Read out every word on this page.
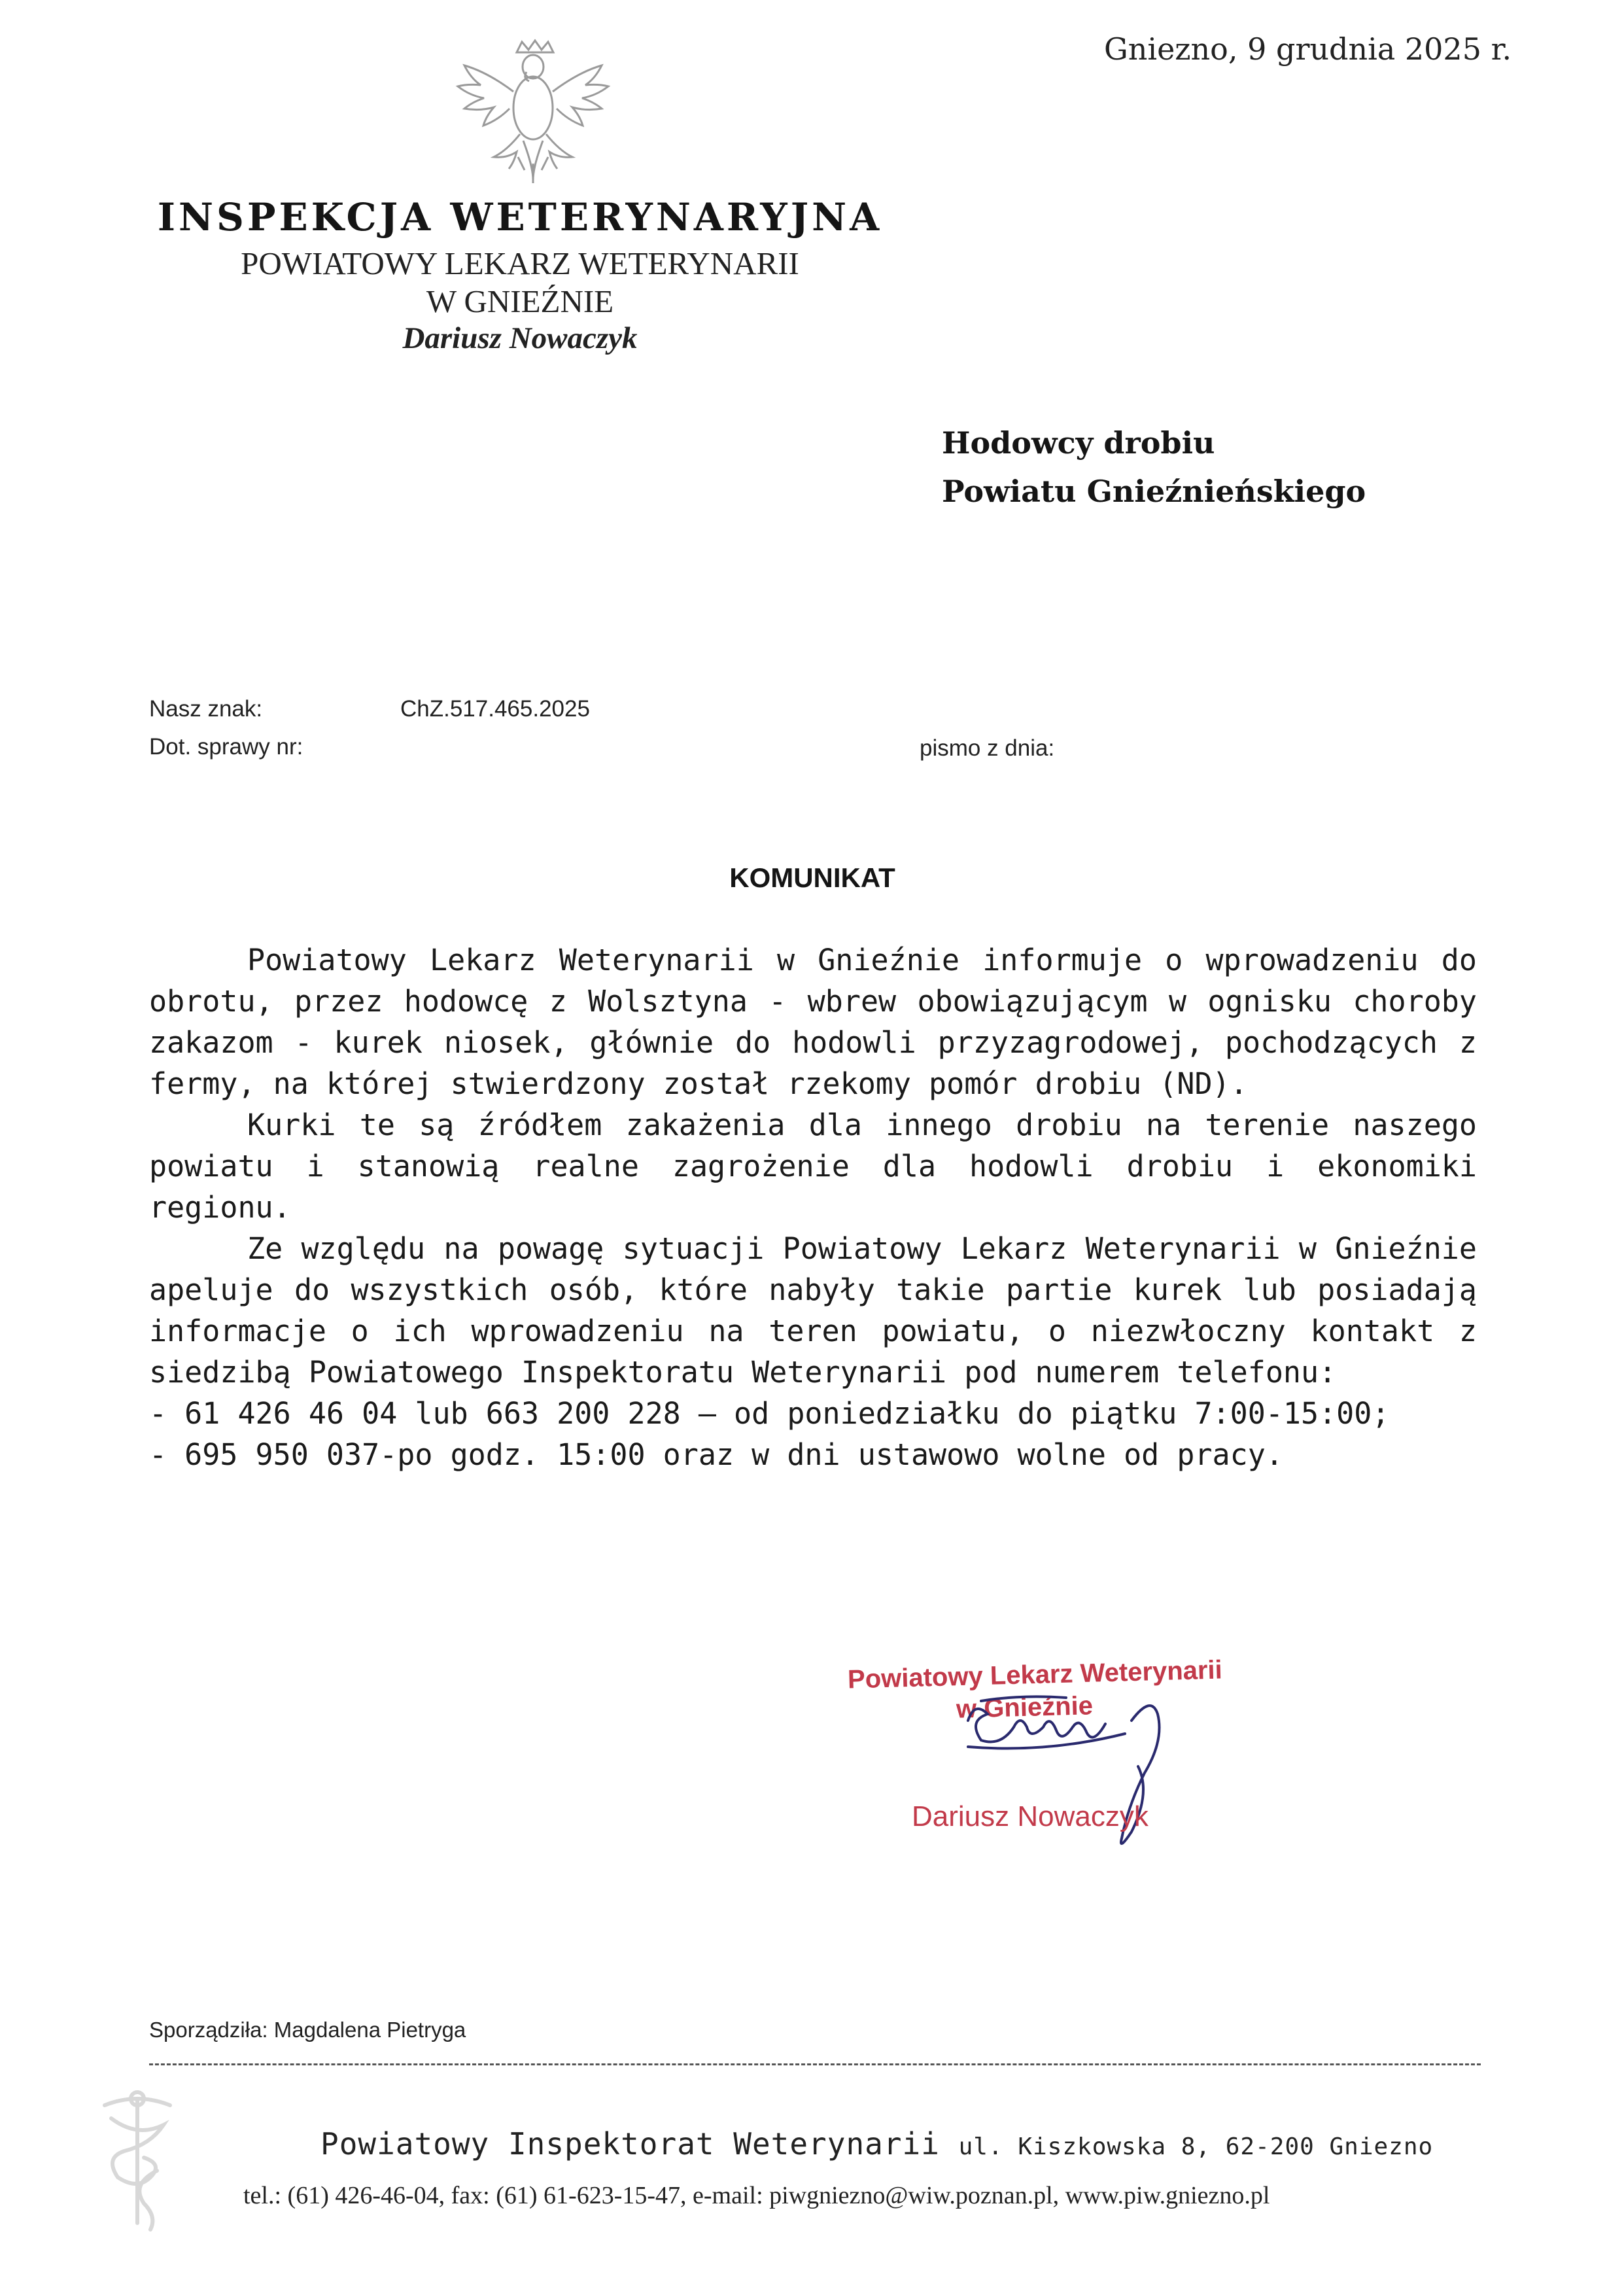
Gniezno, 9 grudnia 2025 r.
INSPEKCJA WETERYNARYJNA
POWIATOWY LEKARZ WETERYNARII
W GNIEŹNIE
Dariusz Nowaczyk
Hodowcy drobiu
Powiatu Gnieźnieńskiego
Nasz znak:	ChZ.517.465.2025
Dot. sprawy nr:	pismo z dnia:
KOMUNIKAT

Powiatowy Lekarz Weterynarii w Gnieźnie informuje o wprowadzeniu do obrotu, przez hodowcę z Wolsztyna - wbrew obowiązującym w ognisku choroby zakazom - kurek niosek, głównie do hodowli przyzagrodowej, pochodzących z fermy, na której stwierdzony został rzekomy pomór drobiu (ND).

Kurki te są źródłem zakażenia dla innego drobiu na terenie naszego powiatu i stanowią realne zagrożenie dla hodowli drobiu i ekonomiki regionu.

Ze względu na powagę sytuacji Powiatowy Lekarz Weterynarii w Gnieźnie apeluje do wszystkich osób, które nabyły takie partie kurek lub posiadają informacje o ich wprowadzeniu na teren powiatu, o niezwłoczny kontakt z siedzibą Powiatowego Inspektoratu Weterynarii pod numerem telefonu:

- 61 426 46 04 lub 663 200 228 – od poniedziałku do piątku 7:00-15:00;

- 695 950 037-po godz. 15:00 oraz w dni ustawowo wolne od pracy.

Powiatowy Lekarz Weterynarii
w Gnieźnie
Dariusz Nowaczyk
Sporządziła: Magdalena Pietryga
Powiatowy Inspektorat Weterynarii ul. Kiszkowska 8, 62-200 Gniezno
tel.: (61) 426-46-04, fax: (61) 61-623-15-47, e-mail: piwgniezno@wiw.poznan.pl, www.piw.gniezno.pl
